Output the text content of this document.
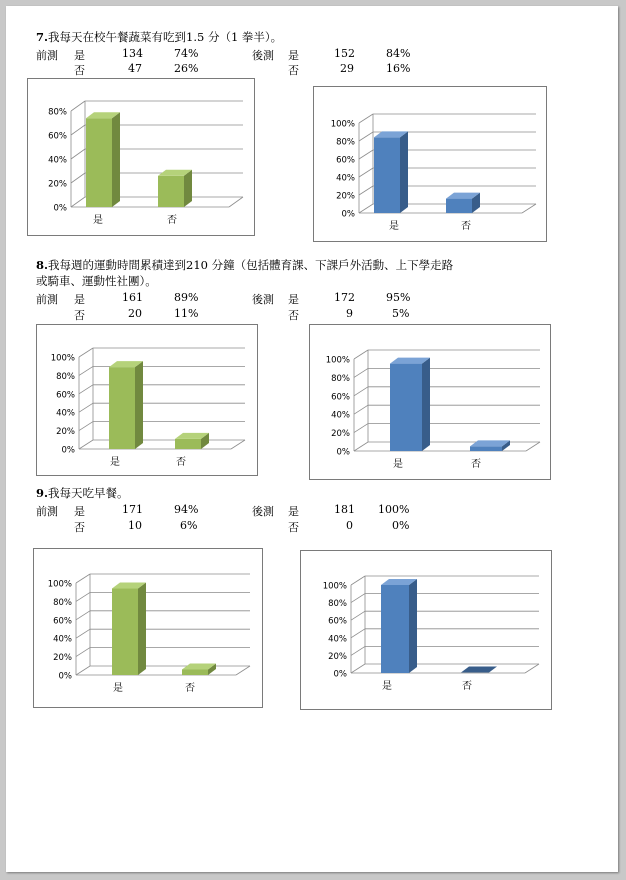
7.我每天在校午餐蔬菜有吃到1.5 分（1 拳半）。
前測 是	134	74%	後測 是	152	84%
否	47	26%	否	29	16%
0%
20%
40%
60%
80%
是	否
0%
20%
40%
60%
80%
100%
是	否
8.我每週的運動時間累積達到210 分鐘（包括體育課、下課戶外活動、上下學走路
或騎車、運動性社團）。
前測 是	161	89%	後測 是	172	95%
否	20	11%	否	9	5%
0%
20%
40%
60%
80%
100%
是	否
0%
20%
40%
60%
80%
100%
是	否
9.我每天吃早餐。
前測 是	171	94%	後測 是	181 100%
否	10	6%	否	0	0%
0%
20%
40%
60%
80%
100%
是	否
0%
20%
40%
60%
80%
100%
是	否
